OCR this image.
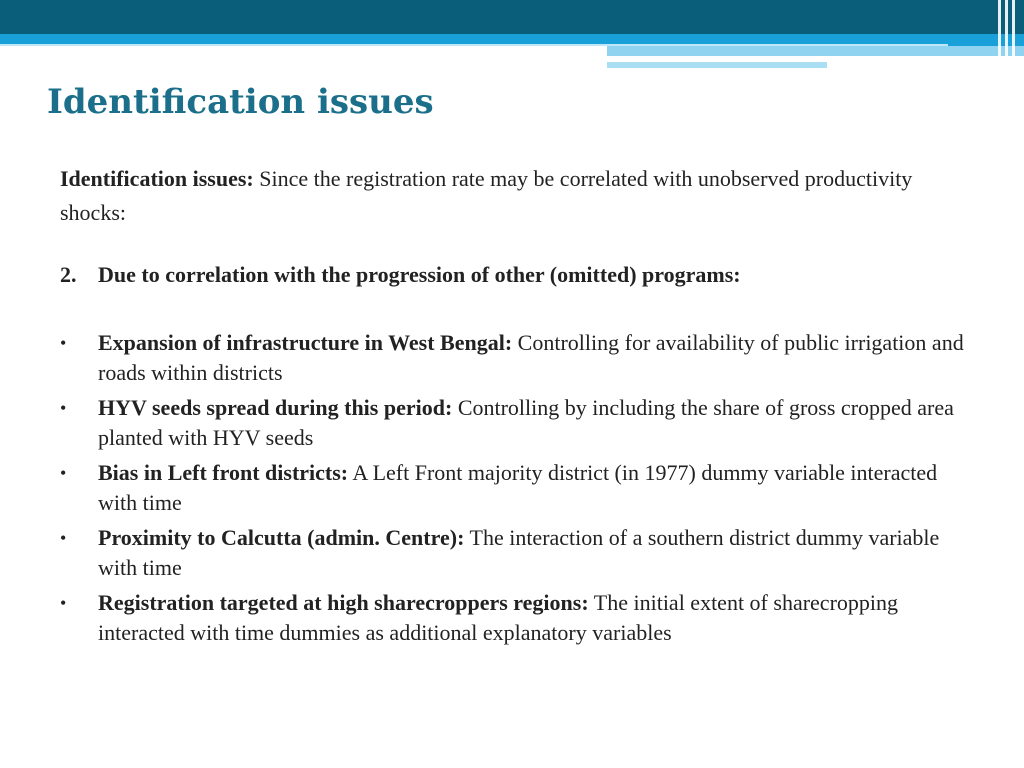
Identification issues

Identification issues: Since the registration rate may be correlated with unobserved productivity shocks:

2. Due to correlation with the progression of other (omitted) programs:
•	Expansion of infrastructure in West Bengal: Controlling for availability of public irrigation and roads within districts
•	HYV seeds spread during this period: Controlling by including the share of gross cropped area planted with HYV seeds
•	Bias in Left front districts: A Left Front majority district (in 1977) dummy variable interacted with time
•	Proximity to Calcutta (admin. Centre): The interaction of a southern district dummy variable with time
•	Registration targeted at high sharecroppers regions: The initial extent of sharecropping interacted with time dummies as additional explanatory variables
